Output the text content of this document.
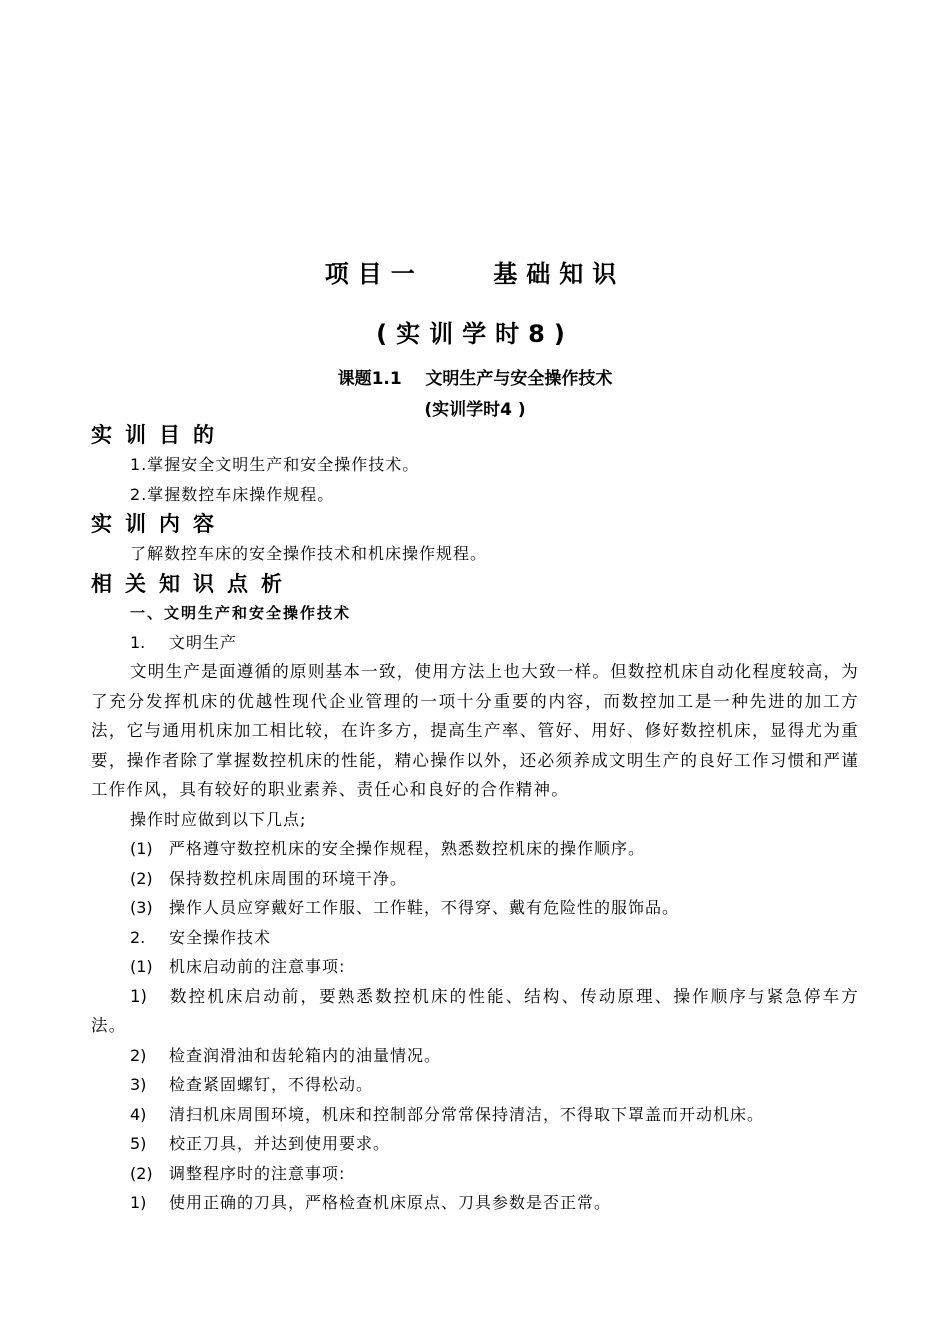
项目一    基础知识
(实训学时8)
课题1.1    文明生产与安全操作技术
(实训学时4 )
实训目的
1.掌握安全文明生产和安全操作技术。
2.掌握数控车床操作规程。
实训内容
了解数控车床的安全操作技术和机床操作规程。
相关知识点析
一、文明生产和安全操作技术
1. 文明生产
文明生产是面遵循的原则基本一致，使用方法上也大致一样。但数控机床自动化程度较高，为了充分发挥机床的优越性现代企业管理的一项十分重要的内容，而数控加工是一种先进的加工方法，它与通用机床加工相比较，在许多方，提高生产率、管好、用好、修好数控机床，显得尤为重要，操作者除了掌握数控机床的性能，精心操作以外，还必须养成文明生产的良好工作习惯和严谨工作作风，具有较好的职业素养、责任心和良好的合作精神。
操作时应做到以下几点;
(1) 严格遵守数控机床的安全操作规程，熟悉数控机床的操作顺序。
(2) 保持数控机床周围的环境干净。
(3) 操作人员应穿戴好工作服、工作鞋，不得穿、戴有危险性的服饰品。
2. 安全操作技术
(1) 机床启动前的注意事项:
1) 数控机床启动前，要熟悉数控机床的性能、结构、传动原理、操作顺序与紧急停车方法。
2) 检查润滑油和齿轮箱内的油量情况。
3) 检查紧固螺钉，不得松动。
4) 清扫机床周围环境，机床和控制部分常常保持清洁，不得取下罩盖而开动机床。
5) 校正刀具，并达到使用要求。
(2) 调整程序时的注意事项:
1) 使用正确的刀具，严格检查机床原点、刀具参数是否正常。
